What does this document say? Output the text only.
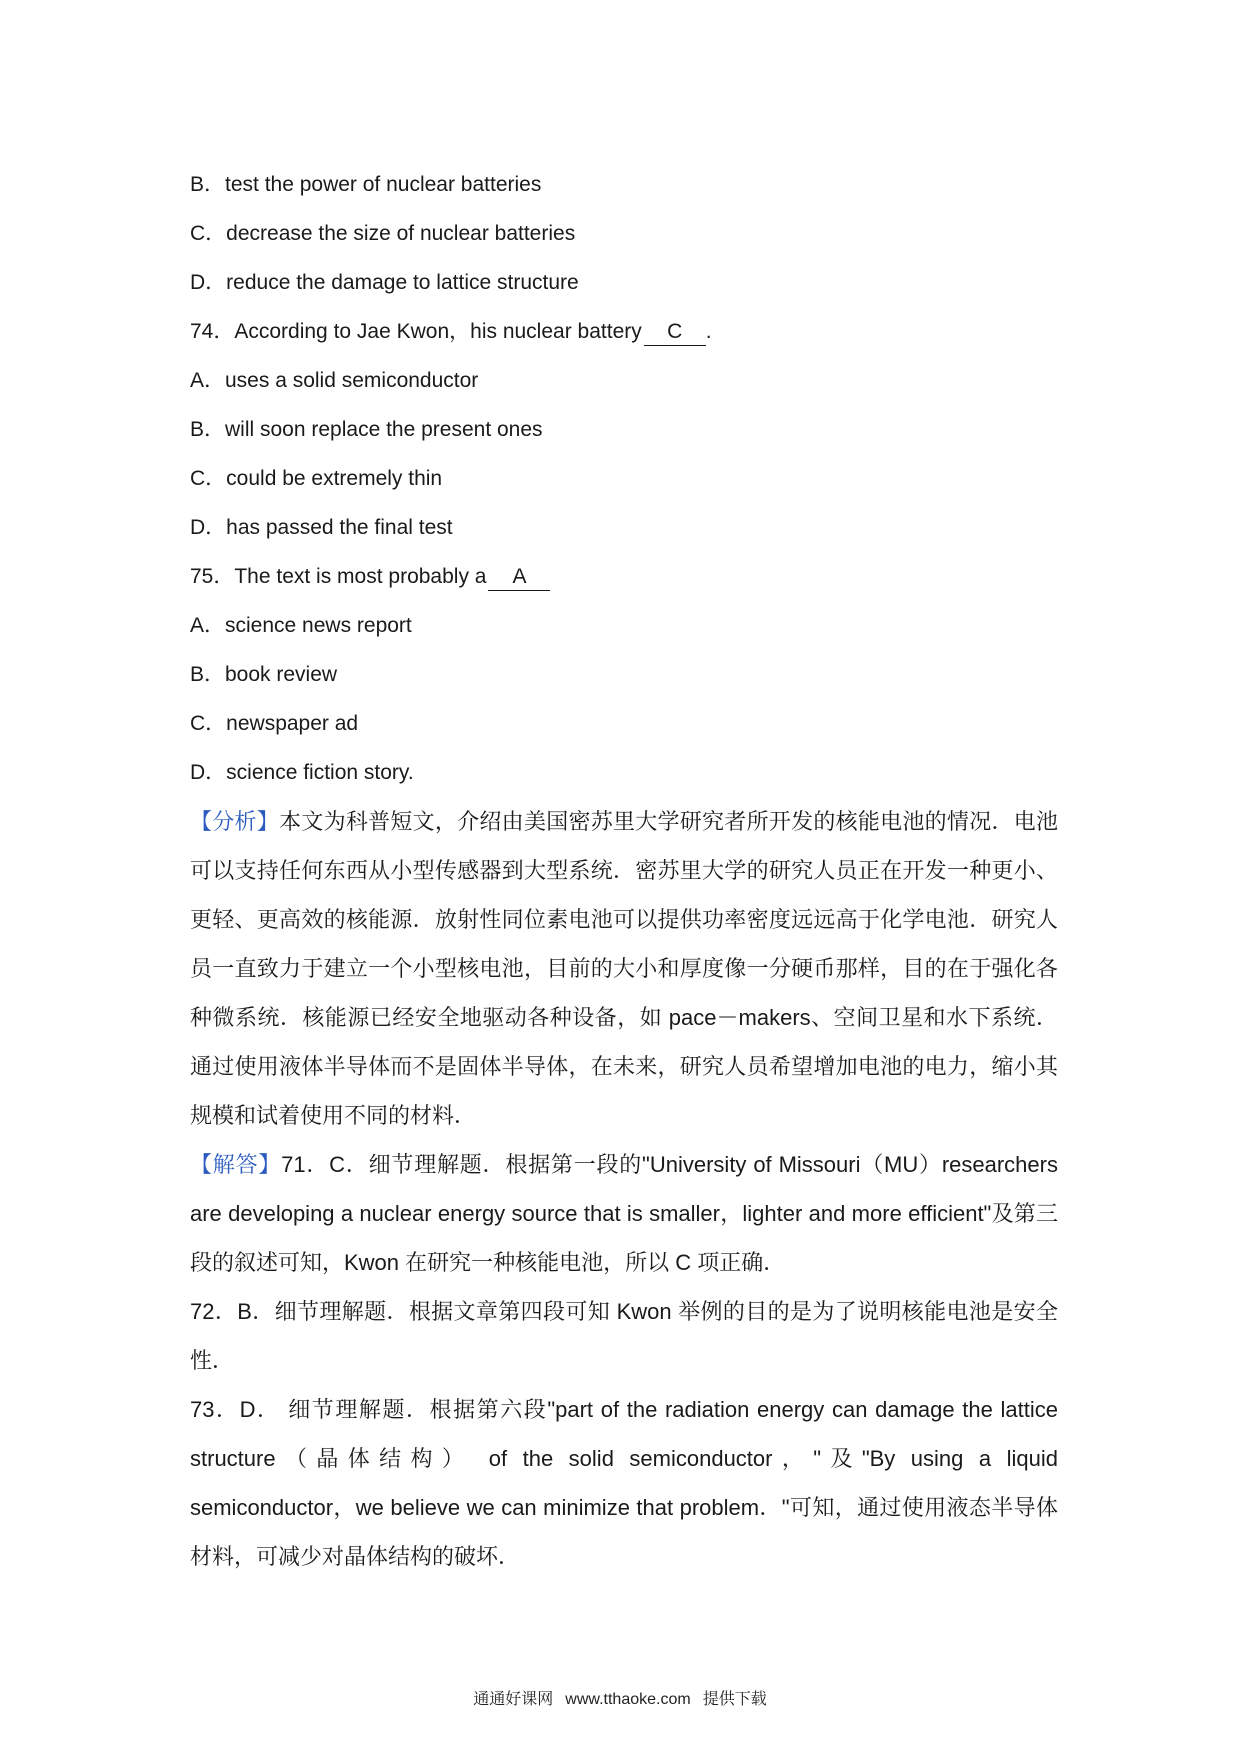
B．test the power of nuclear batteries
C．decrease the size of nuclear batteries
D．reduce the damage to lattice structure
74．According to Jae Kwon，his nuclear battery C .
A．uses a solid semiconductor
B．will soon replace the present ones
C．could be extremely thin
D．has passed the final test
75．The text is most probably a A
A．science news report
B．book review
C．newspaper ad
D．science fiction story.

【分析】本文为科普短文，介绍由美国密苏里大学研究者所开发的核能电池的情况．电池可以支持任何东西从小型传感器到大型系统．密苏里大学的研究人员正在开发一种更小、更轻、更高效的核能源．放射性同位素电池可以提供功率密度远远高于化学电池．研究人员一直致力于建立一个小型核电池，目前的大小和厚度像一分硬币那样，目的在于强化各种微系统．核能源已经安全地驱动各种设备，如 pace－makers、空间卫星和水下系统．通过使用液体半导体而不是固体半导体，在未来，研究人员希望增加电池的电力，缩小其规模和试着使用不同的材料．

【解答】71．C．细节理解题．根据第一段的"University of Missouri（MU）researchers are developing a nuclear energy source that is smaller，lighter and more efficient"及第三段的叙述可知，Kwon 在研究一种核能电池，所以 C 项正确．

72．B．细节理解题．根据文章第四段可知 Kwon 举例的目的是为了说明核能电池是安全性．

73．D． 细节理解题．根据第六段"part of the radiation energy can damage the lattice structure（晶体结构） of the solid semiconductor，"及"By using a liquid semiconductor，we believe we can minimize that problem．"可知，通过使用液态半导体材料，可减少对晶体结构的破坏．

通通好课网 www.tthaoke.com 提供下载
